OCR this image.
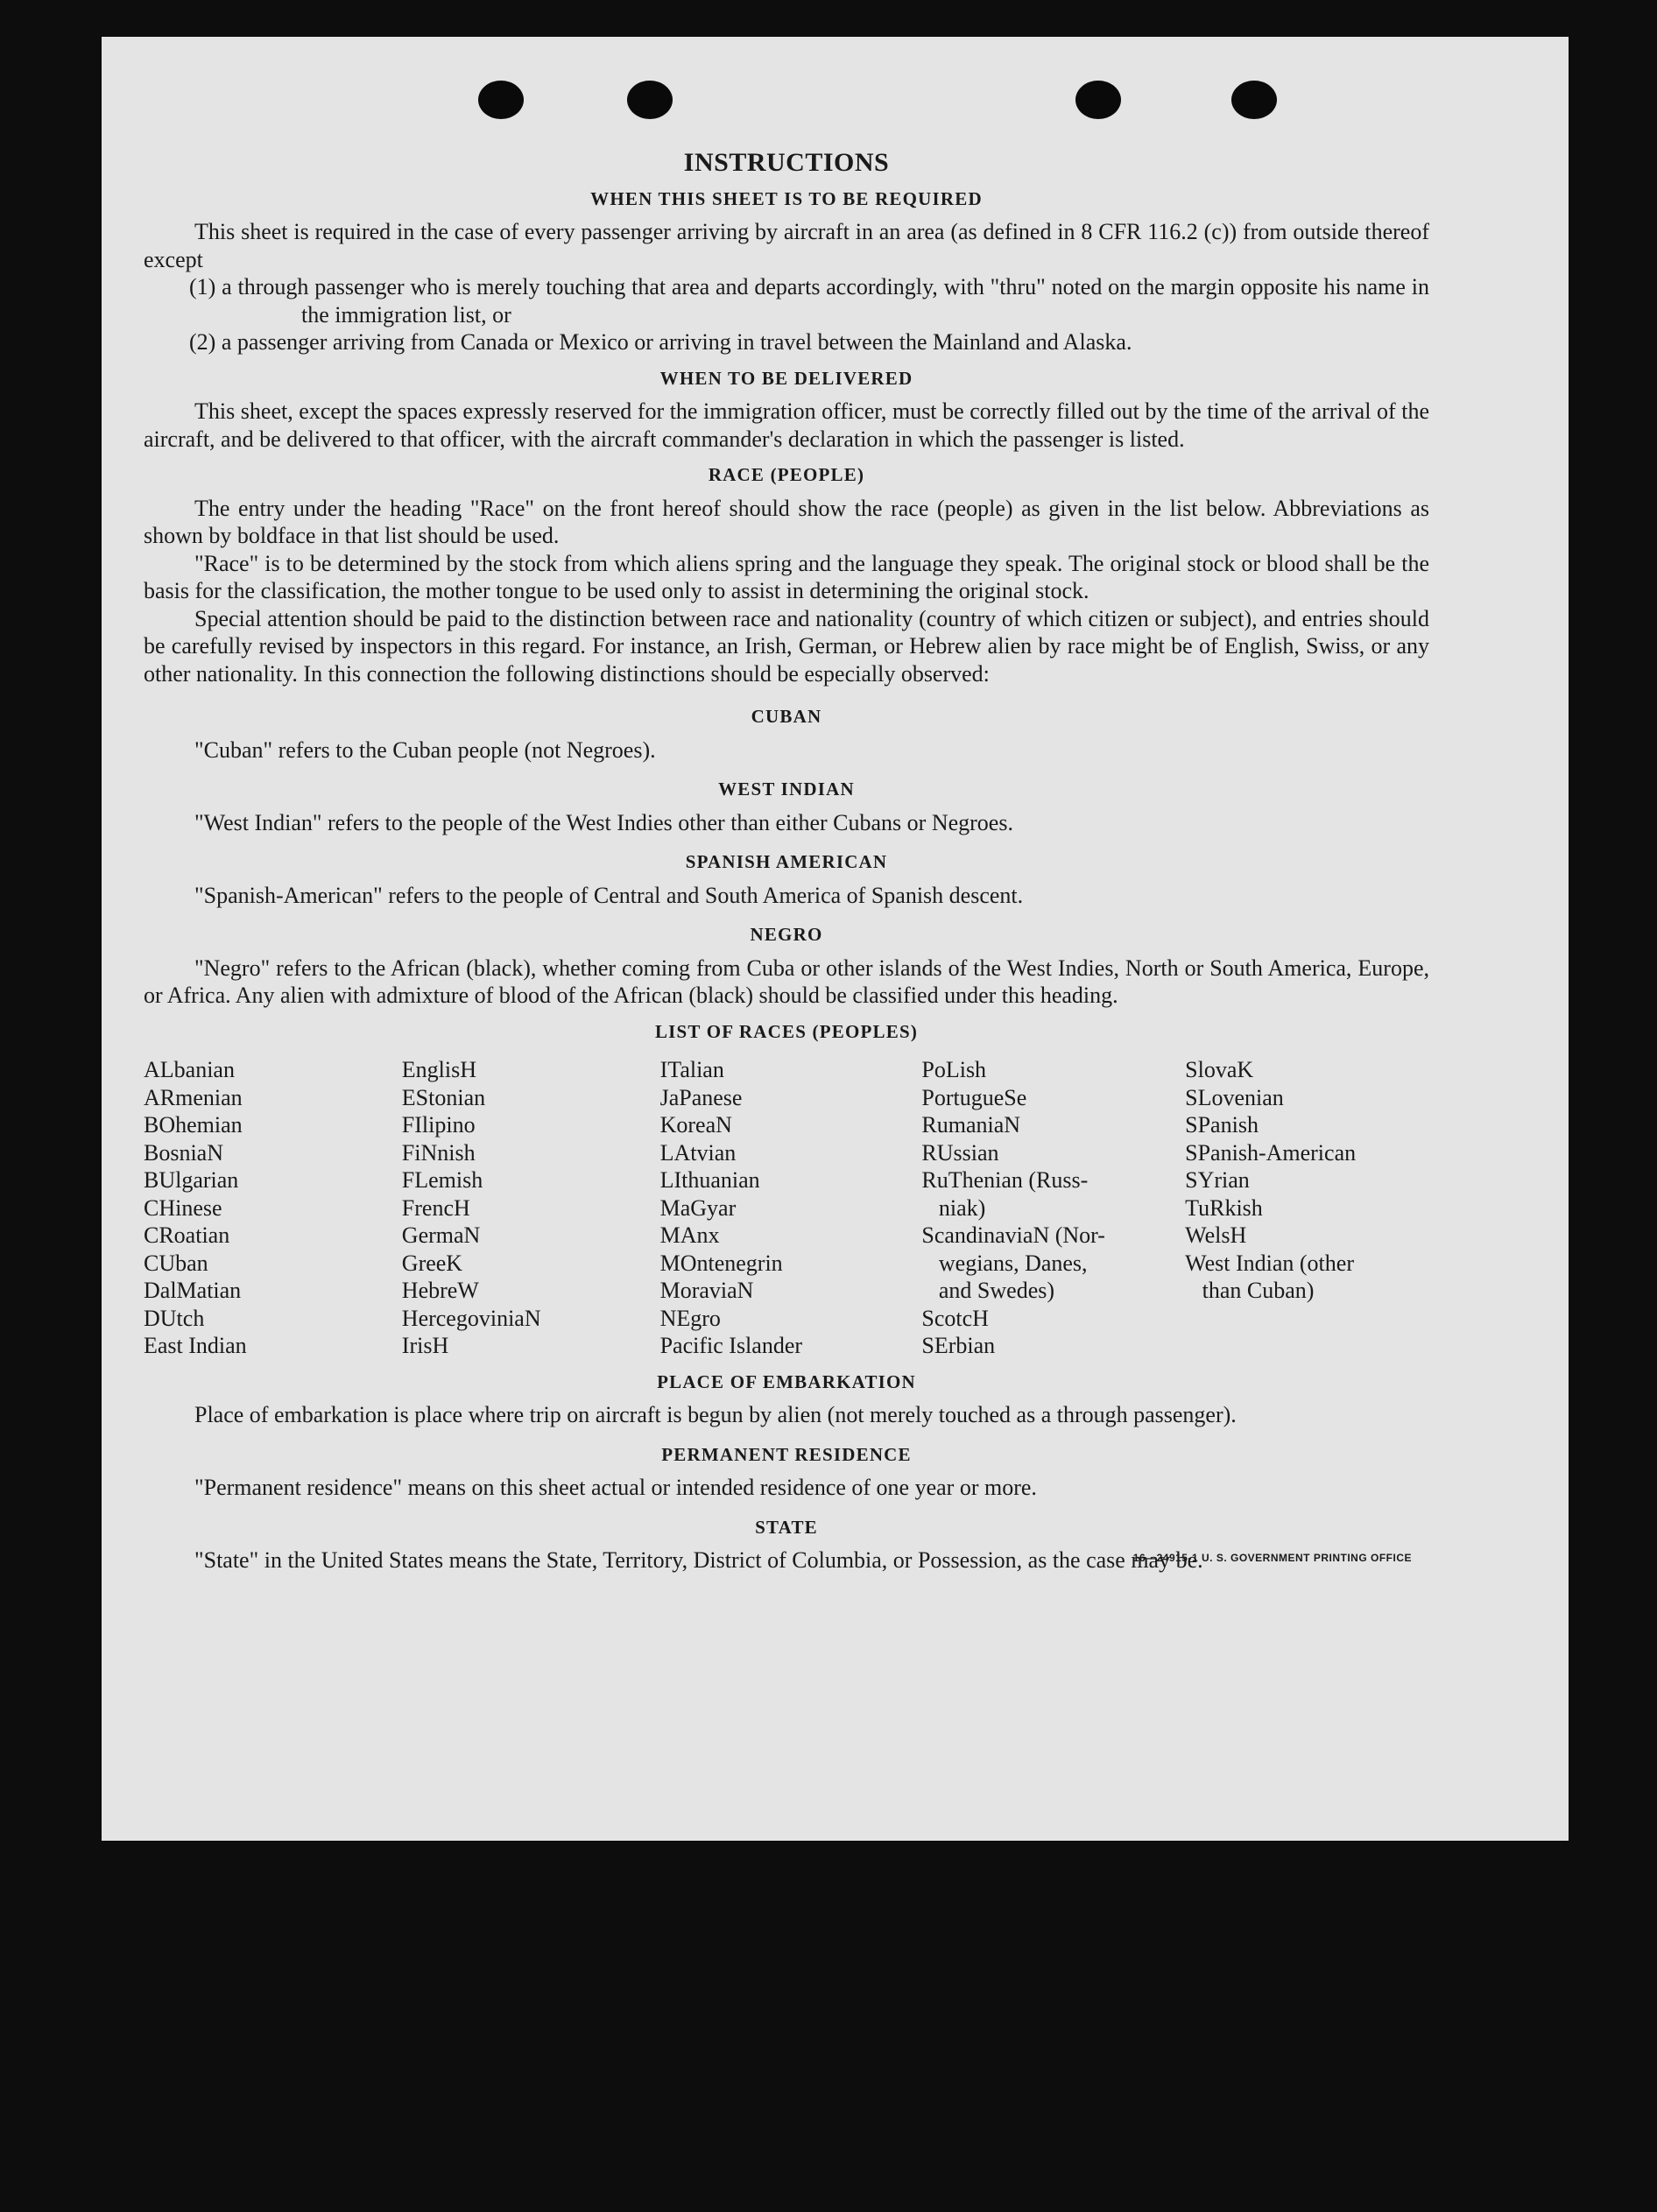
INSTRUCTIONS
WHEN THIS SHEET IS TO BE REQUIRED

This sheet is required in the case of every passenger arriving by aircraft in an area (as defined in 8 CFR 116.2 (c)) from outside thereof except

(1) a through passenger who is merely touching that area and departs accordingly, with "thru" noted on the margin opposite his name in the immigration list, or

(2) a passenger arriving from Canada or Mexico or arriving in travel between the Mainland and Alaska.

WHEN TO BE DELIVERED

This sheet, except the spaces expressly reserved for the immigration officer, must be correctly filled out by the time of the arrival of the aircraft, and be delivered to that officer, with the aircraft commander's declaration in which the passenger is listed.

RACE (PEOPLE)

The entry under the heading "Race" on the front hereof should show the race (people) as given in the list below. Abbreviations as shown by boldface in that list should be used.

"Race" is to be determined by the stock from which aliens spring and the language they speak. The original stock or blood shall be the basis for the classification, the mother tongue to be used only to assist in determining the original stock.

Special attention should be paid to the distinction between race and nationality (country of which citizen or subject), and entries should be carefully revised by inspectors in this regard. For instance, an Irish, German, or Hebrew alien by race might be of English, Swiss, or any other nationality. In this connection the following distinctions should be especially observed:

CUBAN

"Cuban" refers to the Cuban people (not Negroes).

WEST INDIAN

"West Indian" refers to the people of the West Indies other than either Cubans or Negroes.

SPANISH AMERICAN

"Spanish-American" refers to the people of Central and South America of Spanish descent.

NEGRO

"Negro" refers to the African (black), whether coming from Cuba or other islands of the West Indies, North or South America, Europe, or Africa. Any alien with admixture of blood of the African (black) should be classified under this heading.

LIST OF RACES (PEOPLES)
ALbanian
ARmenian
BOhemian
BosniaN
BUlgarian
CHinese
CRoatian
CUban
DalMatian
DUtch
East Indian
EnglisH
EStonian
FIlipino
FiNnish
FLemish
FrencH
GermaN
GreeK
HebreW
HercegoviniaN
IrisH
ITalian
JaPanese
KoreaN
LAtvian
LIthuanian
MaGyar
MAnx
MOntenegrin
MoraviaN
NEgro
Pacific Islander
PoLish
PortugueSe
RumaniaN
RUssian
RuThenian (Russ-
niak)
ScandinaviaN (Nor-
wegians, Danes,
and Swedes)
ScotcH
SErbian
SlovaK
SLovenian
SPanish
SPanish-American
SYrian
TuRkish
WelsH
West Indian (other
than Cuban)
PLACE OF EMBARKATION

Place of embarkation is place where trip on aircraft is begun by alien (not merely touched as a through passenger).

PERMANENT RESIDENCE

"Permanent residence" means on this sheet actual or intended residence of one year or more.

STATE

"State" in the United States means the State, Territory, District of Columbia, or Possession, as the case may be.

16—24915-1 U. S. GOVERNMENT PRINTING OFFICE
